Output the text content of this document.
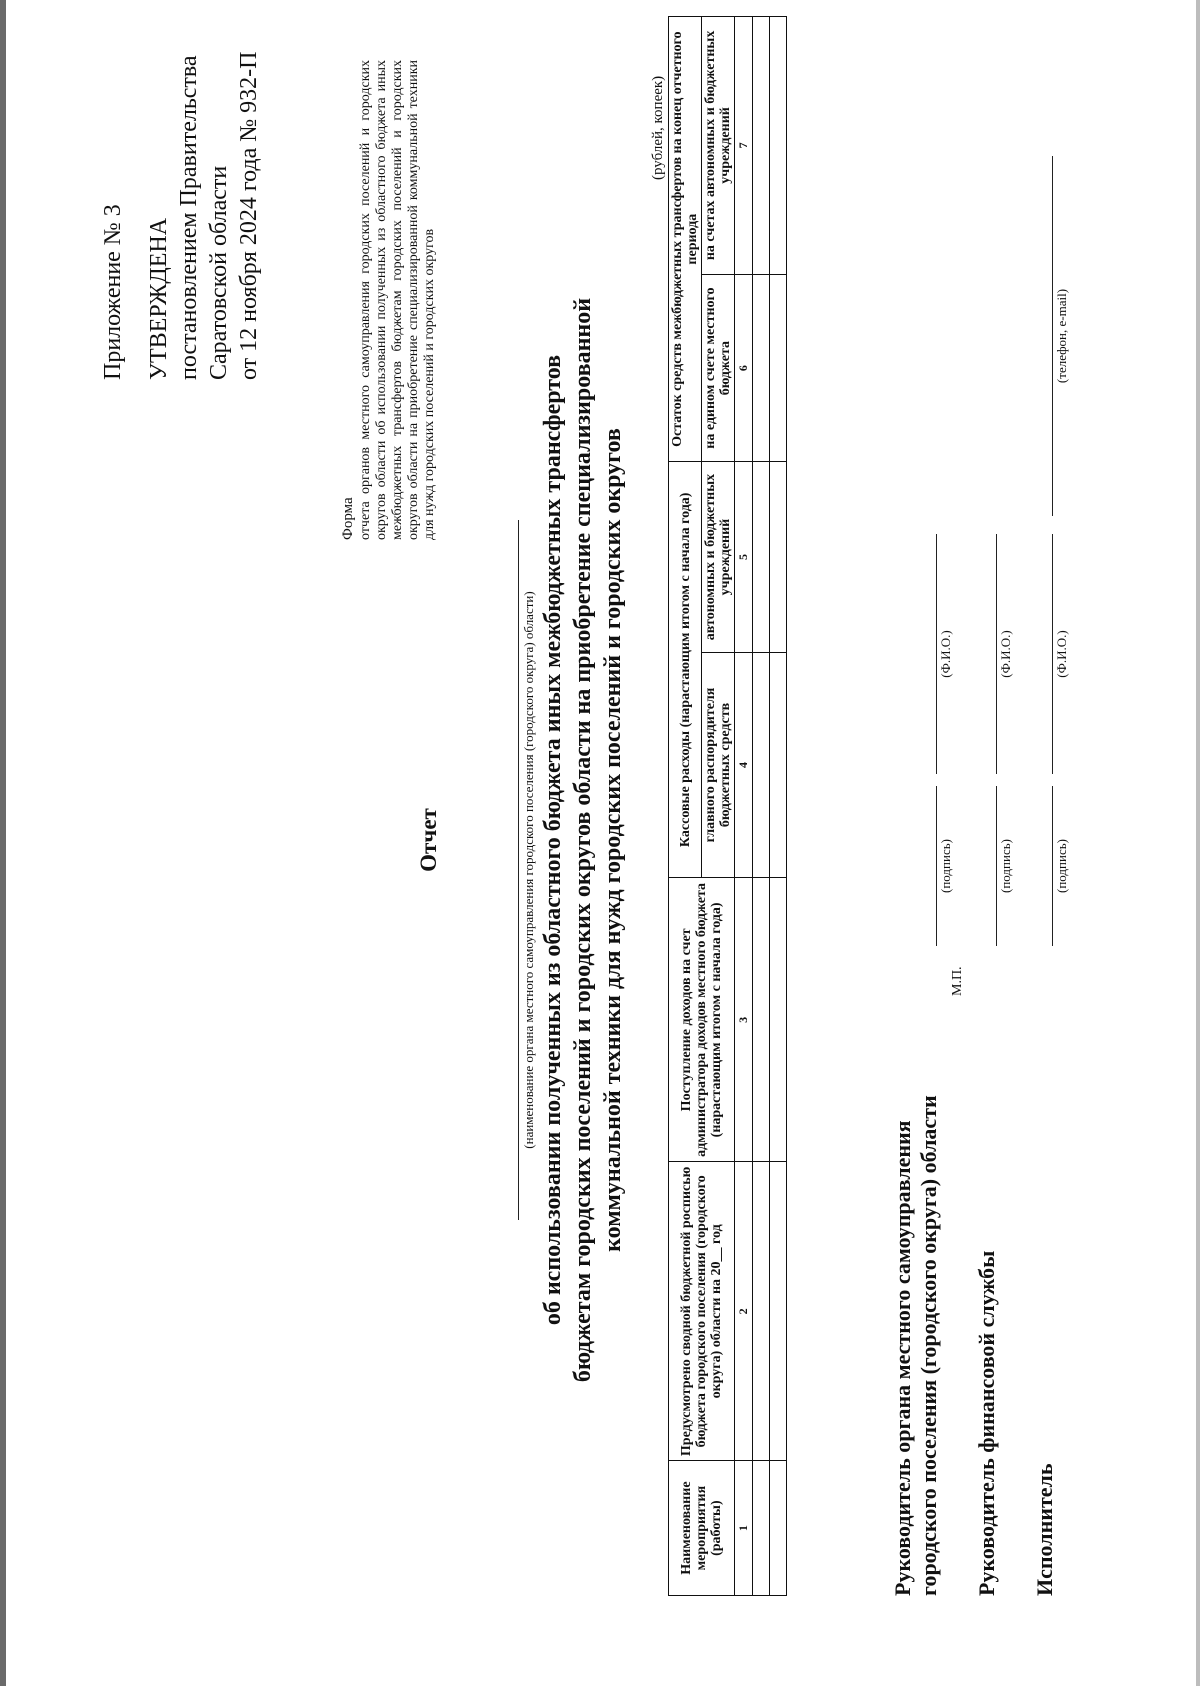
Приложение № 3 УТВЕРЖДЕНА постановлением Правительства Саратовской области от 12 ноября 2024 года № 932-П
Форма отчета органов местного самоуправления городских поселений и городских округов области об использовании полученных из областного бюджета иных межбюджетных трансфертов бюджетам городских поселений и городских округов области на приобретение специализированной коммунальной техники для нужд городских поселений и городских округов
Отчет	(наименование органа местного самоуправления городского поселения (городского округа) области) об использовании полученных из областного бюджета иных межбюджетных трансфертов бюджетам городских поселений и городских округов области на приобретение специализированной коммунальной техники для нужд городских поселений и городских округов
(рублей, копеек)
Наименование мероприятия (работы)	Предусмотрено сводной бюджетной росписью бюджета городского поселения (городского округа) области на 20__ год	Поступление доходов на счет администратора доходов местного бюджета (нарастающим итогом с начала года)	Кассовые расходы (нарастающим итогом с начала года)		Остаток средств межбюджетных трансфертов на конец отчетного периода	
			главного распорядителя бюджетных средств	автономных и бюджетных учреждений	на едином счете местного бюджета	на счетах автономных и бюджетных учреждений
1	2	3	4	5	6	7

Руководитель органа местного самоуправления городского поселения (городского округа) области
(подпись)
(Ф.И.О.)
М.П.
Руководитель финансовой службы
(подпись)
(Ф.И.О.)
Исполнитель
(подпись)
(Ф.И.О.)
(телефон, e-mail)
